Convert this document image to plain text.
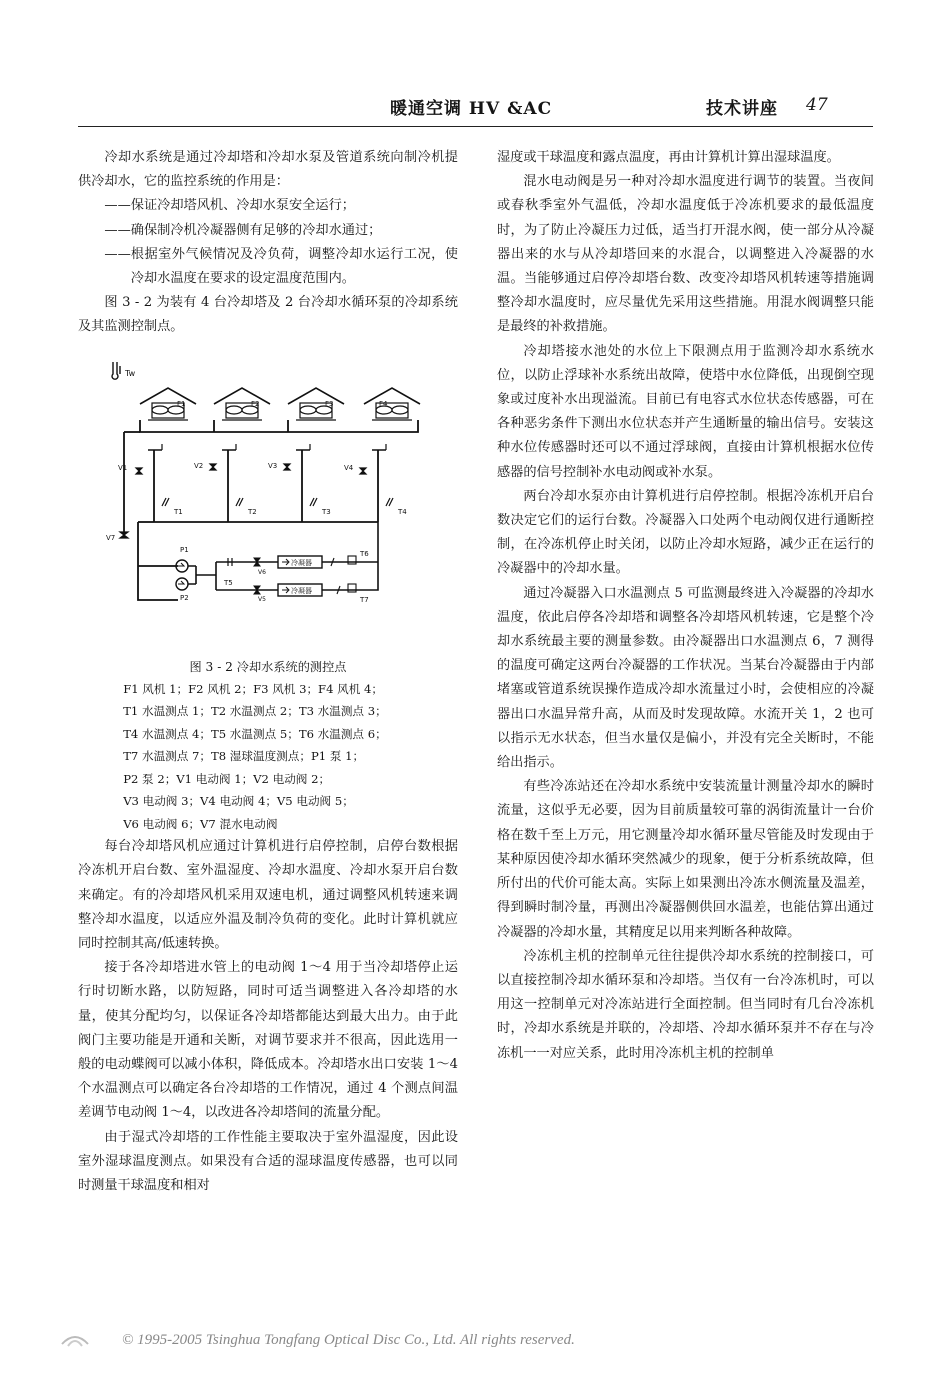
暖通空调 HV &AC	技术讲座 47

冷却水系统是通过冷却塔和冷却水泵及管道系统向制冷机提供冷却水，它的监控系统的作用是：

—— 保证冷却塔风机、冷却水泵安全运行；

—— 确保制冷机冷凝器侧有足够的冷却水通过；

—— 根据室外气候情况及冷负荷，调整冷却水运行工况，使冷却水温度在要求的设定温度范围内。

图 3 - 2 为装有 4 台冷却塔及 2 台冷却水循环泵的冷却系统及其监测控制点。

Tw
F1	F2	F3	F4
V1	V2	V3	V4
T1	T2	T3	T4
V7
P1
P2
T5
V6
V5
冷凝器
冷凝器
T6
T7
图 3 - 2 冷却水系统的测控点

F1 风机 1；F2 风机 2；F3 风机 3；F4 风机 4；

T1 水温测点 1；T2 水温测点 2；T3 水温测点 3；

T4 水温测点 4；T5 水温测点 5；T6 水温测点 6；

T7 水温测点 7；T8 湿球温度测点；P1 泵 1；

P2 泵 2；V1 电动阀 1；V2 电动阀 2；

V3 电动阀 3；V4 电动阀 4；V5 电动阀 5；

V6 电动阀 6；V7 混水电动阀

每台冷却塔风机应通过计算机进行启停控制，启停台数根据冷冻机开启台数、室外温湿度、冷却水温度、冷却水泵开启台数来确定。有的冷却塔风机采用双速电机，通过调整风机转速来调整冷却水温度，以适应外温及制冷负荷的变化。此时计算机就应同时控制其高/低速转换。

接于各冷却塔进水管上的电动阀 1～4 用于当冷却塔停止运行时切断水路，以防短路，同时可适当调整进入各冷却塔的水量，使其分配均匀，以保证各冷却塔都能达到最大出力。由于此阀门主要功能是开通和关断，对调节要求并不很高，因此选用一般的电动蝶阀可以减小体积，降低成本。冷却塔水出口安装 1～4 个水温测点可以确定各台冷却塔的工作情况，通过 4 个测点间温差调节电动阀 1～4，以改进各冷却塔间的流量分配。

由于湿式冷却塔的工作性能主要取决于室外温湿度，因此设室外湿球温度测点。如果没有合适的湿球温度传感器，也可以同时测量干球温度和相对

湿度或干球温度和露点温度，再由计算机计算出湿球温度。

混水电动阀是另一种对冷却水温度进行调节的装置。当夜间或春秋季室外气温低，冷却水温度低于冷冻机要求的最低温度时，为了防止冷凝压力过低，适当打开混水阀，使一部分从冷凝器出来的水与从冷却塔回来的水混合，以调整进入冷凝器的水温。当能够通过启停冷却塔台数、改变冷却塔风机转速等措施调整冷却水温度时，应尽量优先采用这些措施。用混水阀调整只能是最终的补救措施。

冷却塔接水池处的水位上下限测点用于监测冷却水系统水位，以防止浮球补水系统出故障，使塔中水位降低，出现倒空现象或过度补水出现溢流。目前已有电容式水位状态传感器，可在各种恶劣条件下测出水位状态并产生通断量的输出信号。安装这种水位传感器时还可以不通过浮球阀，直接由计算机根据水位传感器的信号控制补水电动阀或补水泵。

两台冷却水泵亦由计算机进行启停控制。根据冷冻机开启台数决定它们的运行台数。冷凝器入口处两个电动阀仅进行通断控制，在冷冻机停止时关闭，以防止冷却水短路，减少正在运行的冷凝器中的冷却水量。

通过冷凝器入口水温测点 5 可监测最终进入冷凝器的冷却水温度，依此启停各冷却塔和调整各冷却塔风机转速，它是整个冷却水系统最主要的测量参数。由冷凝器出口水温测点 6，7 测得的温度可确定这两台冷凝器的工作状况。当某台冷凝器由于内部堵塞或管道系统误操作造成冷却水流量过小时，会使相应的冷凝器出口水温异常升高，从而及时发现故障。水流开关 1，2 也可以指示无水状态，但当水量仅是偏小，并没有完全关断时，不能给出指示。

有些冷冻站还在冷却水系统中安装流量计测量冷却水的瞬时流量，这似乎无必要，因为目前质量较可靠的涡街流量计一台价格在数千至上万元，用它测量冷却水循环量尽管能及时发现由于某种原因使冷却水循环突然减少的现象，便于分析系统故障，但所付出的代价可能太高。实际上如果测出冷冻水侧流量及温差，得到瞬时制冷量，再测出冷凝器侧供回水温差，也能估算出通过冷凝器的冷却水量，其精度足以用来判断各种故障。

冷冻机主机的控制单元往往提供冷却水系统的控制接口，可以直接控制冷却水循环泵和冷却塔。当仅有一台冷冻机时，可以用这一控制单元对冷冻站进行全面控制。但当同时有几台冷冻机时，冷却水系统是并联的，冷却塔、冷却水循环泵并不存在与冷冻机一一对应关系，此时用冷冻机主机的控制单

© 1995-2005 Tsinghua Tongfang Optical Disc Co., Ltd. All rights reserved.
